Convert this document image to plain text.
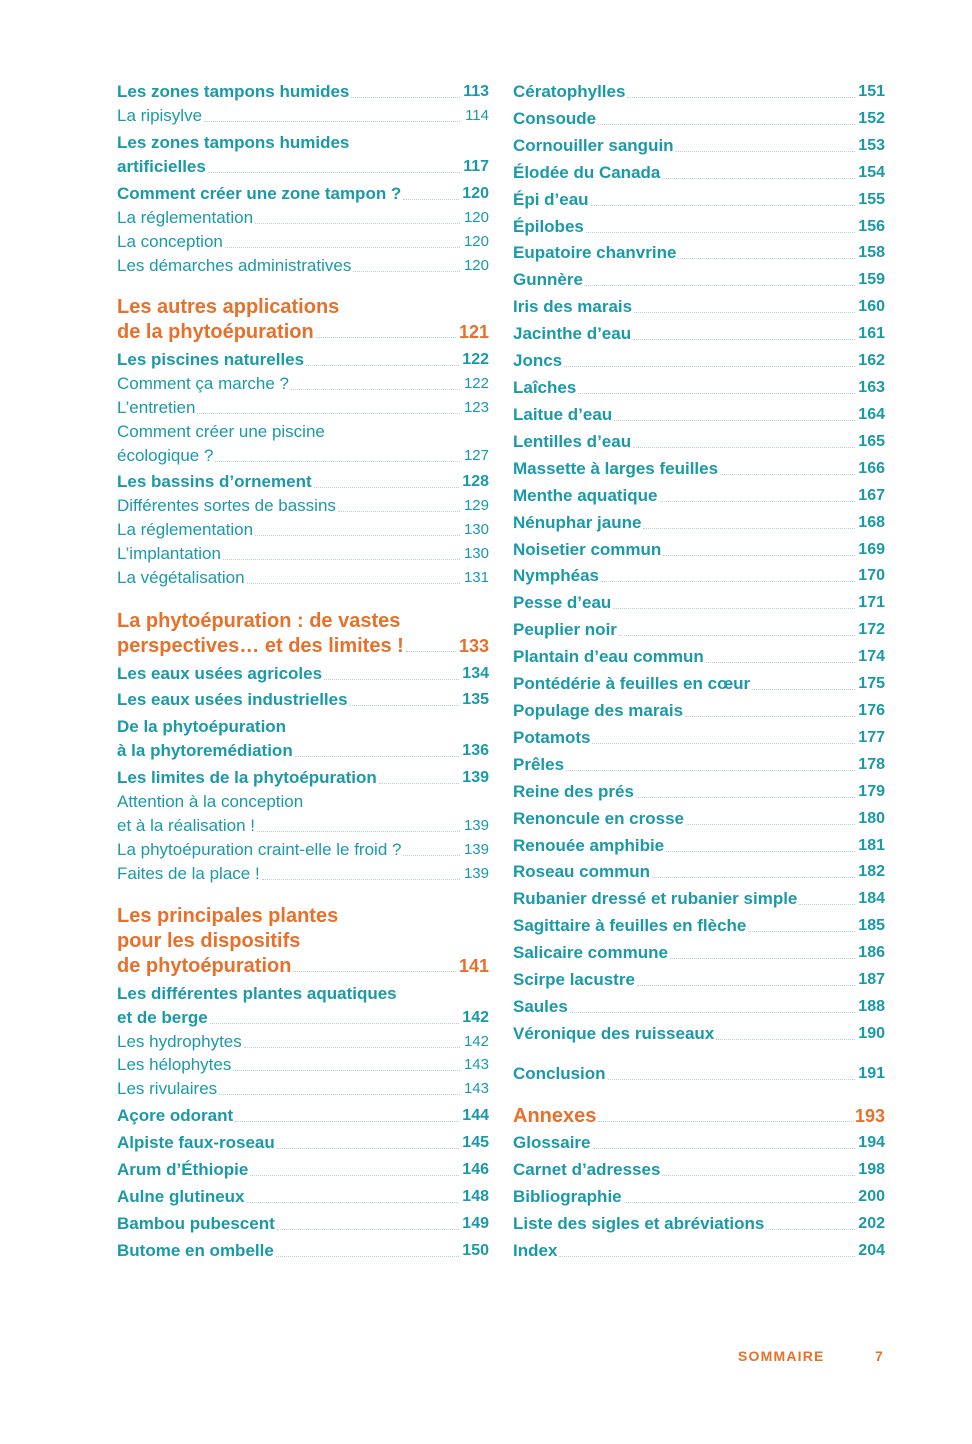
Les zones tampons humides	113
La ripisylve	114
Les zones tampons humides
artificielles	117
Comment créer une zone tampon ?	120
La réglementation	120
La conception	120
Les démarches administratives	120
Les autres applications
de la phytoépuration	121
Les piscines naturelles	122
Comment ça marche ?	122
L’entretien	123
Comment créer une piscine
écologique ?	127
Les bassins d’ornement	128
Différentes sortes de bassins	129
La réglementation	130
L’implantation	130
La végétalisation	131
La phytoépuration : de vastes
perspectives… et des limites !	133
Les eaux usées agricoles	134
Les eaux usées industrielles	135
De la phytoépuration
à la phytoremédiation	136
Les limites de la phytoépuration	139
Attention à la conception
et à la réalisation !	139
La phytoépuration craint-elle le froid ?	139
Faites de la place !	139
Les principales plantes
pour les dispositifs
de phytoépuration	141
Les différentes plantes aquatiques
et de berge	142
Les hydrophytes	142
Les hélophytes	143
Les rivulaires	143
Açore odorant	144
Alpiste faux-roseau	145
Arum d’Éthiopie	146
Aulne glutineux	148
Bambou pubescent	149
Butome en ombelle	150
Cératophylles	151
Consoude	152
Cornouiller sanguin	153
Élodée du Canada	154
Épi d’eau	155
Épilobes	156
Eupatoire chanvrine	158
Gunnère	159
Iris des marais	160
Jacinthe d’eau	161
Joncs	162
Laîches	163
Laitue d’eau	164
Lentilles d’eau	165
Massette à larges feuilles	166
Menthe aquatique	167
Nénuphar jaune	168
Noisetier commun	169
Nymphéas	170
Pesse d’eau	171
Peuplier noir	172
Plantain d’eau commun	174
Pontédérie à feuilles en cœur	175
Populage des marais	176
Potamots	177
Prêles	178
Reine des prés	179
Renoncule en crosse	180
Renouée amphibie	181
Roseau commun	182
Rubanier dressé et rubanier simple	184
Sagittaire à feuilles en flèche	185
Salicaire commune	186
Scirpe lacustre	187
Saules	188
Véronique des ruisseaux	190
Conclusion	191
Annexes	193
Glossaire	194
Carnet d’adresses	198
Bibliographie	200
Liste des sigles et abréviations	202
Index	204
SOMMAIRE	7
